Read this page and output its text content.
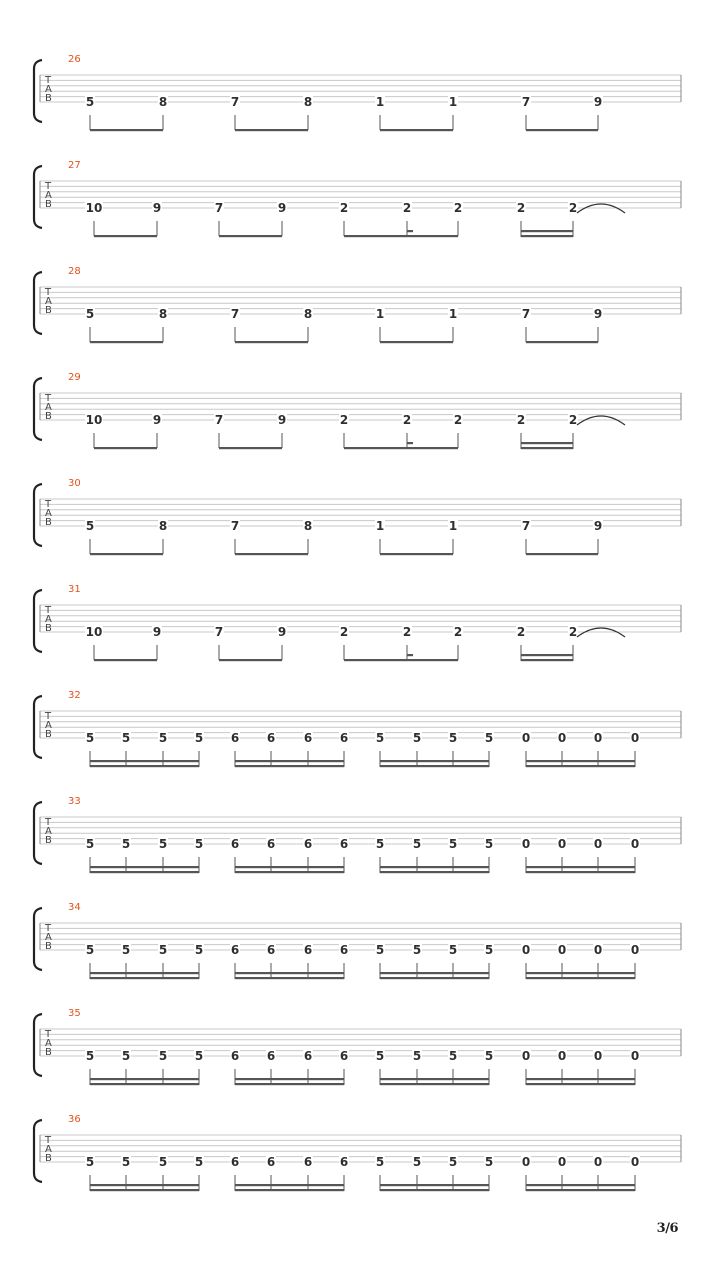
26
T
A
B	5	8	7	8	1	1	7	9
27
T
A
B	10	9	7	9	2	2	2	2	2
28
T
A
B	5	8	7	8	1	1	7	9
29
T
A
B	10	9	7	9	2	2	2	2	2
30
T
A
B	5	8	7	8	1	1	7	9
31
T
A
B	10	9	7	9	2	2	2	2	2
32
T
A
B	5 5 5 5 6 6 6 6 5 5 5 5 0 0 0 0
33
T
A
B	5 5 5 5 6 6 6 6 5 5 5 5 0 0 0 0
34
T
A
B	5 5 5 5 6 6 6 6 5 5 5 5 0 0 0 0
35
T
A
B	5 5 5 5 6 6 6 6 5 5 5 5 0 0 0 0
36
T
A
B	5 5 5 5 6 6 6 6 5 5 5 5 0 0 0 0
3/6
